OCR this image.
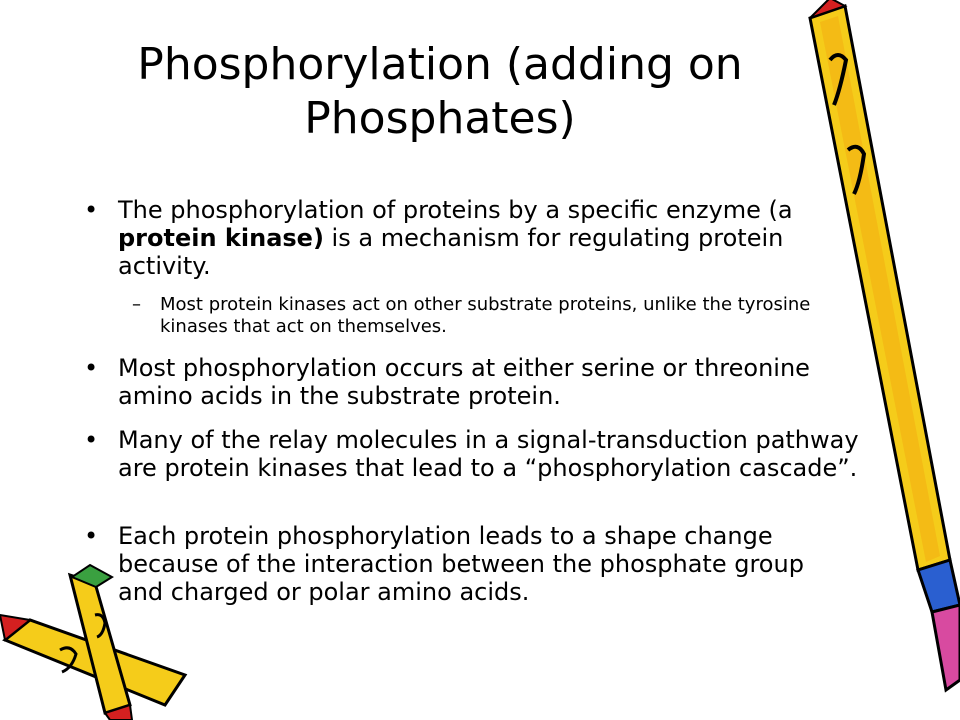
Phosphorylation (adding on Phosphates)
• The phosphorylation of proteins by a specific enzyme (a protein kinase) is a mechanism for regulating protein activity.
– Most protein kinases act on other substrate proteins, unlike the tyrosine kinases that act on themselves.
• Most phosphorylation occurs at either serine or threonine amino acids in the substrate protein.
• Many of the relay molecules in a signal-transduction pathway are protein kinases that lead to a “phosphorylation cascade”.
• Each protein phosphorylation leads to a shape change because of the interaction between the phosphate group and charged or polar amino acids.
